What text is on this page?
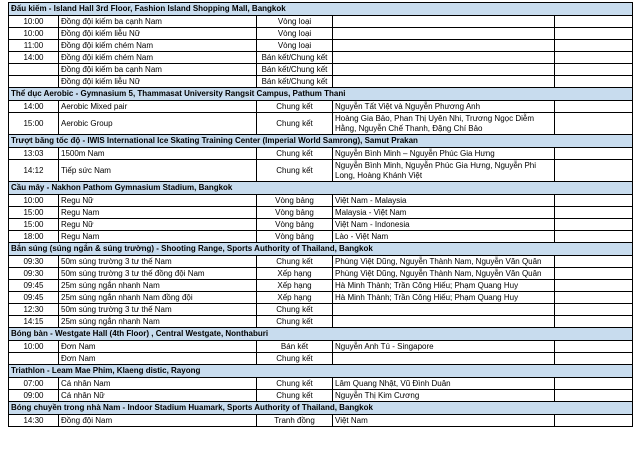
Đấu kiếm - Island Hall 3rd Floor, Fashion Island Shopping Mall, Bangkok				
10:00	Đồng đội kiếm ba cạnh Nam	Vòng loại		
10:00	Đồng đội kiếm liễu Nữ	Vòng loại		
11:00	Đồng đội kiếm chém Nam	Vòng loại		
14:00	Đồng đội kiếm chém Nam	Bán kết/Chung kết		
	Đồng đội kiếm ba cạnh Nam	Bán kết/Chung kết		
	Đồng đội kiếm liễu Nữ	Bán kết/Chung kết		
Thể dục Aerobic - Gymnasium 5, Thammasat University Rangsit Campus, Pathum Thani				
14:00	Aerobic Mixed pair	Chung kết	Nguyễn Tất Việt và Nguyễn Phương Anh	
15:00	Aerobic Group	Chung kết	Hoàng Gia Bảo, Phan Thị Uyên Nhi, Trương Ngọc Diễm Hằng, Nguyễn Chế Thanh, Đặng Chí Bảo	
Trượt băng tốc độ - IWIS International Ice Skating Training Center (Imperial World Samrong), Samut Prakan				
13:03	1500m Nam	Chung kết	Nguyễn Bình Minh – Nguyễn Phúc Gia Hưng	
14:12	Tiếp sức Nam	Chung kết	Nguyễn Bình Minh, Nguyễn Phúc Gia Hưng, Nguyễn Phi Long, Hoàng Khánh Việt	
Cầu mây - Nakhon Pathom Gymnasium Stadium, Bangkok				
10:00	Regu Nữ	Vòng bảng	Việt Nam - Malaysia	
15:00	Regu Nam	Vòng bảng	Malaysia - Việt Nam	
15:00	Regu Nữ	Vòng bảng	Việt Nam - Indonesia	
18:00	Regu Nam	Vòng bảng	Lào - Việt Nam	
Bắn súng (súng ngắn & súng trường) - Shooting Range, Sports Authority of Thailand, Bangkok				
09:30	50m súng trường 3 tư thế Nam	Chung kết	Phùng Việt Dũng, Nguyễn Thành Nam, Nguyễn Văn Quân	
09:30	50m súng trường 3 tư thế đồng đội Nam	Xếp hạng	Phùng Việt Dũng, Nguyễn Thành Nam, Nguyễn Văn Quân	
09:45	25m súng ngắn nhanh Nam	Xếp hạng	Hà Minh Thành; Trần Công Hiếu; Phạm Quang Huy	
09:45	25m súng ngắn nhanh Nam đồng đội	Xếp hạng	Hà Minh Thành; Trần Công Hiếu; Phạm Quang Huy	
12:30	50m súng trường 3 tư thế Nam	Chung kết		
14:15	25m súng ngắn nhanh Nam	Chung kết		
Bóng bàn - Westgate Hall (4th Floor) , Central Westgate, Nonthaburi				
10:00	Đơn Nam	Bán kết	Nguyễn Anh Tú - Singapore	
	Đơn Nam	Chung kết		
Triathlon - Leam Mae Phim, Klaeng distic, Rayong				
07:00	Cá nhân Nam	Chung kết	Lâm Quang Nhật, Vũ Đình Duân	
09:00	Cá nhân Nữ	Chung kết	Nguyễn Thị Kim Cương	
Bóng chuyền trong nhà Nam - Indoor Stadium Huamark, Sports Authority of Thailand, Bangkok				
14:30	Đồng đội Nam	Tranh đồng	Việt Nam	
